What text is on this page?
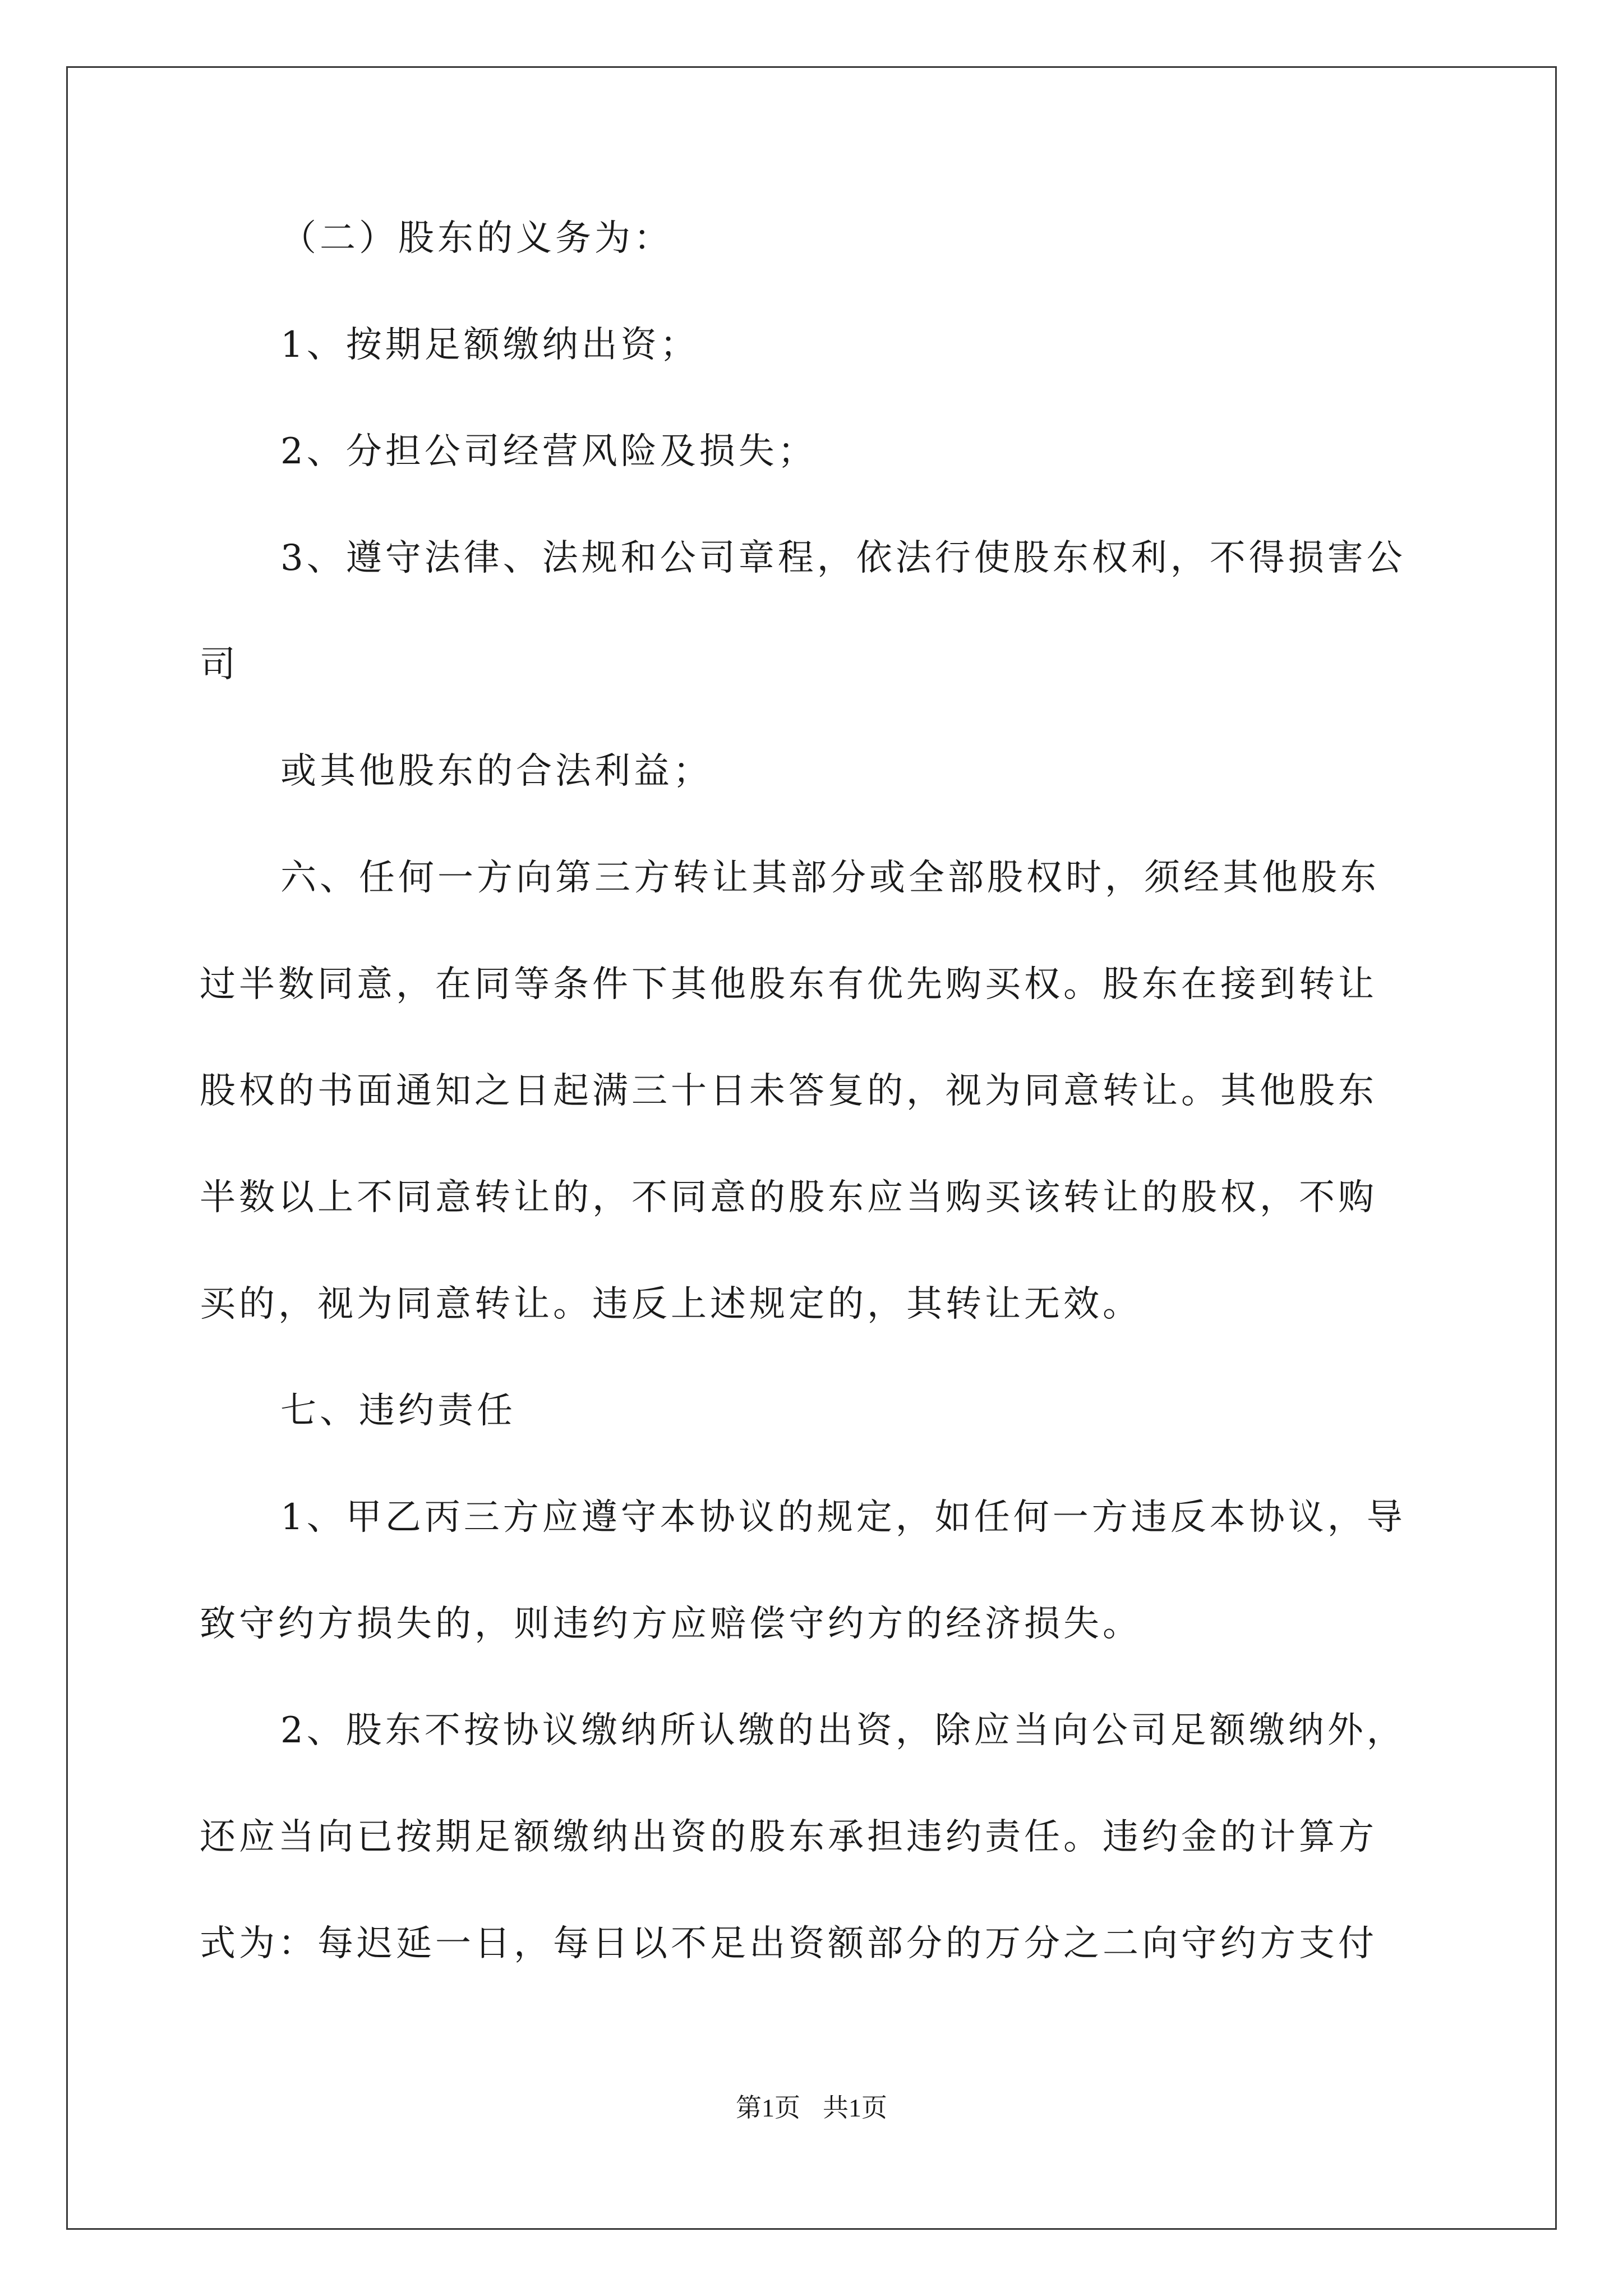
（二）股东的义务为：
1、按期足额缴纳出资；
2、分担公司经营风险及损失；
3、遵守法律、法规和公司章程，依法行使股东权利，不得损害公
司
或其他股东的合法利益；
六、任何一方向第三方转让其部分或全部股权时，须经其他股东
过半数同意，在同等条件下其他股东有优先购买权。股东在接到转让
股权的书面通知之日起满三十日未答复的，视为同意转让。其他股东
半数以上不同意转让的，不同意的股东应当购买该转让的股权，不购
买的，视为同意转让。违反上述规定的，其转让无效。
七、违约责任
1、甲乙丙三方应遵守本协议的规定，如任何一方违反本协议，导
致守约方损失的，则违约方应赔偿守约方的经济损失。
2、股东不按协议缴纳所认缴的出资，除应当向公司足额缴纳外，
还应当向已按期足额缴纳出资的股东承担违约责任。违约金的计算方
式为：每迟延一日，每日以不足出资额部分的万分之二向守约方支付
第1页 共1页
